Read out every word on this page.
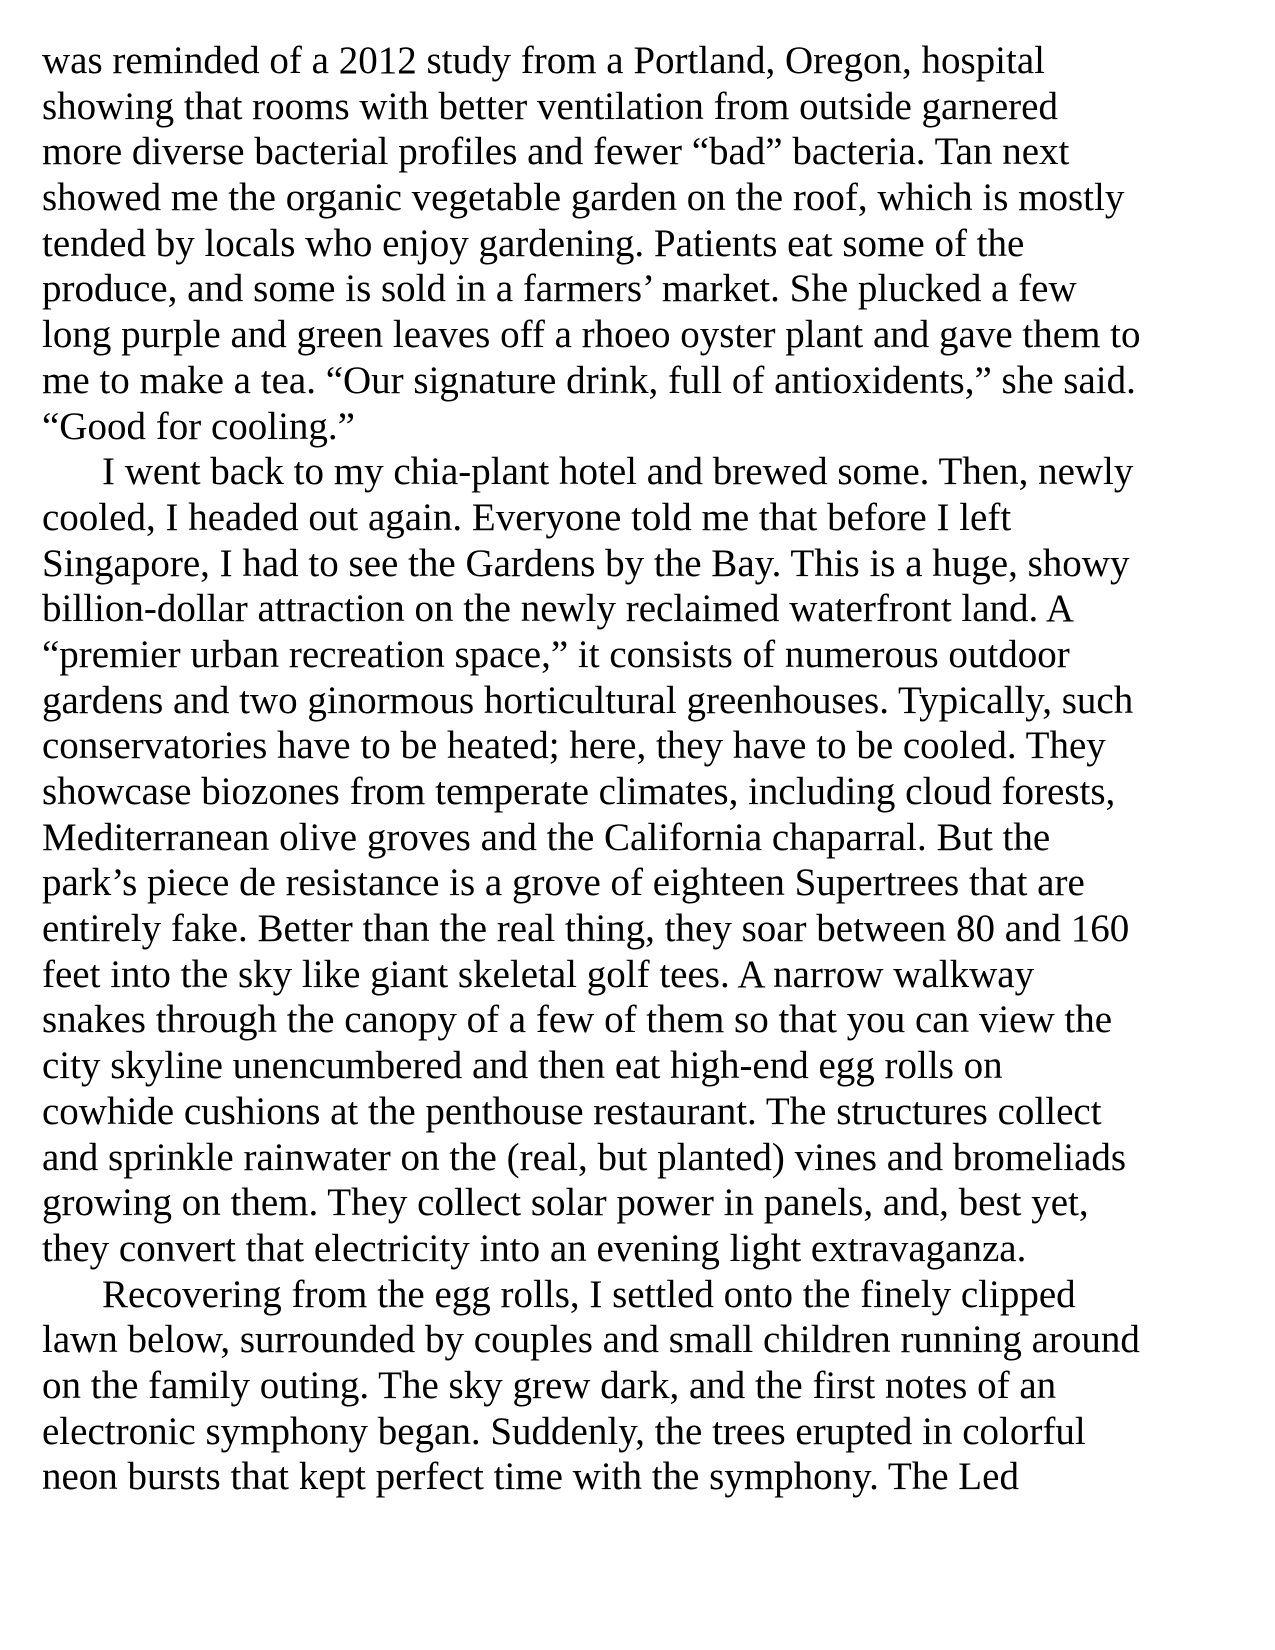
was reminded of a 2012 study from a Portland, Oregon, hospital
showing that rooms with better ventilation from outside garnered
more diverse bacterial profiles and fewer “bad” bacteria. Tan next
showed me the organic vegetable garden on the roof, which is mostly
tended by locals who enjoy gardening. Patients eat some of the
produce, and some is sold in a farmers’ market. She plucked a few
long purple and green leaves off a rhoeo oyster plant and gave them to
me to make a tea. “Our signature drink, full of antioxidents,” she said.
“Good for cooling.”
I went back to my chia-plant hotel and brewed some. Then, newly
cooled, I headed out again. Everyone told me that before I left
Singapore, I had to see the Gardens by the Bay. This is a huge, showy
billion-dollar attraction on the newly reclaimed waterfront land. A
“premier urban recreation space,” it consists of numerous outdoor
gardens and two ginormous horticultural greenhouses. Typically, such
conservatories have to be heated; here, they have to be cooled. They
showcase biozones from temperate climates, including cloud forests,
Mediterranean olive groves and the California chaparral. But the
park’s piece de resistance is a grove of eighteen Supertrees that are
entirely fake. Better than the real thing, they soar between 80 and 160
feet into the sky like giant skeletal golf tees. A narrow walkway
snakes through the canopy of a few of them so that you can view the
city skyline unencumbered and then eat high-end egg rolls on
cowhide cushions at the penthouse restaurant. The structures collect
and sprinkle rainwater on the (real, but planted) vines and bromeliads
growing on them. They collect solar power in panels, and, best yet,
they convert that electricity into an evening light extravaganza.
Recovering from the egg rolls, I settled onto the finely clipped
lawn below, surrounded by couples and small children running around
on the family outing. The sky grew dark, and the first notes of an
electronic symphony began. Suddenly, the trees erupted in colorful
neon bursts that kept perfect time with the symphony. The Led
